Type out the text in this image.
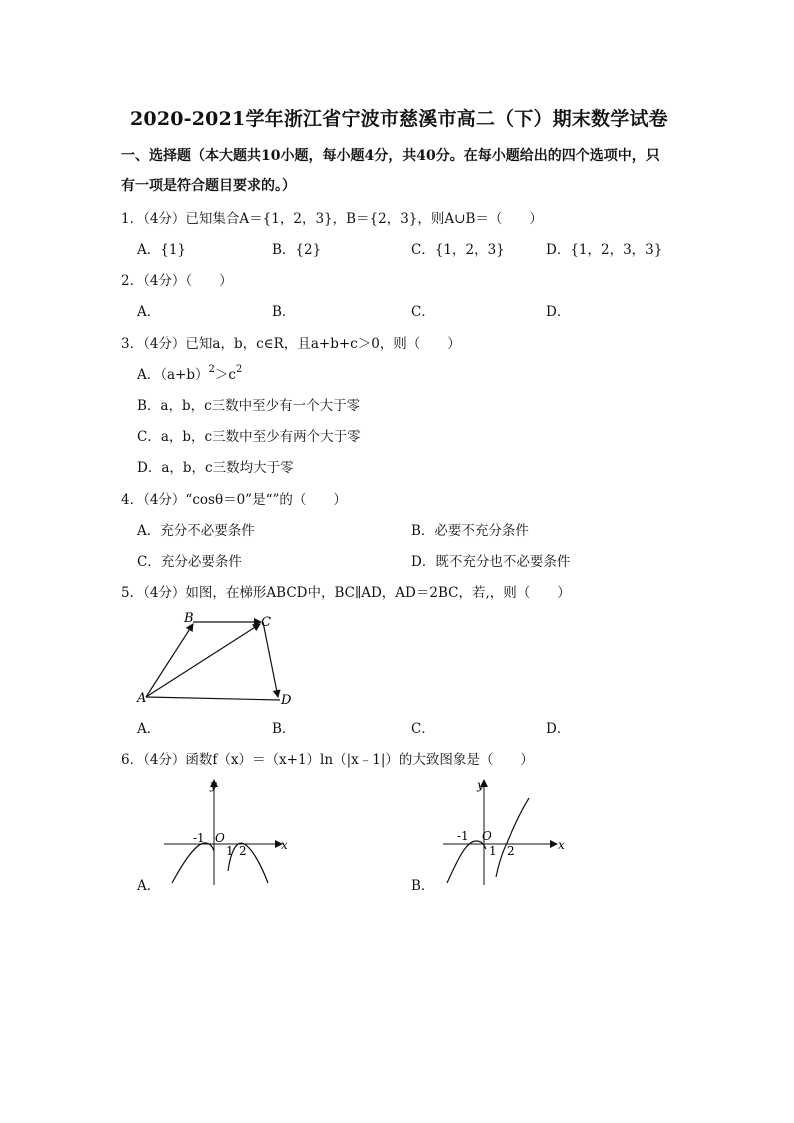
2020-2021学年浙江省宁波市慈溪市高二（下）期末数学试卷
一、选择题（本大题共10小题，每小题4分，共40分。在每小题给出的四个选项中，只
有一项是符合题目要求的。）
1．（4分）已知集合A＝{1，2，3}，B＝{2，3}，则A∪B＝（　　）
A．{1}	B．{2}	C．{1，2，3}	D．{1，2，3，3}
2．（4分）（　　）
A．	B．	C．	D．
3．（4分）已知a，b，c∈R，且a+b+c＞0，则（　　）
A．$(a+b)^2>c^2$
B．a，b，c三数中至少有一个大于零
C．a，b，c三数中至少有两个大于零
D．a，b，c三数均大于零
4．（4分）“cosθ＝0”是“”的（　　）
A．充分不必要条件	B．必要不充分条件
C．充分必要条件	D．既不充分也不必要条件
5．（4分）如图，在梯形ABCD中，BC∥AD，AD＝2BC，若,，则（　　）
A
B	C
D
A．	B．	C．	D．
6．（4分）函数f（x）＝（x+1）ln（|x﹣1|）的大致图象是（　　）
y
x
-1 O
1 2
A．
y
x
-1 O
1 2
B．
